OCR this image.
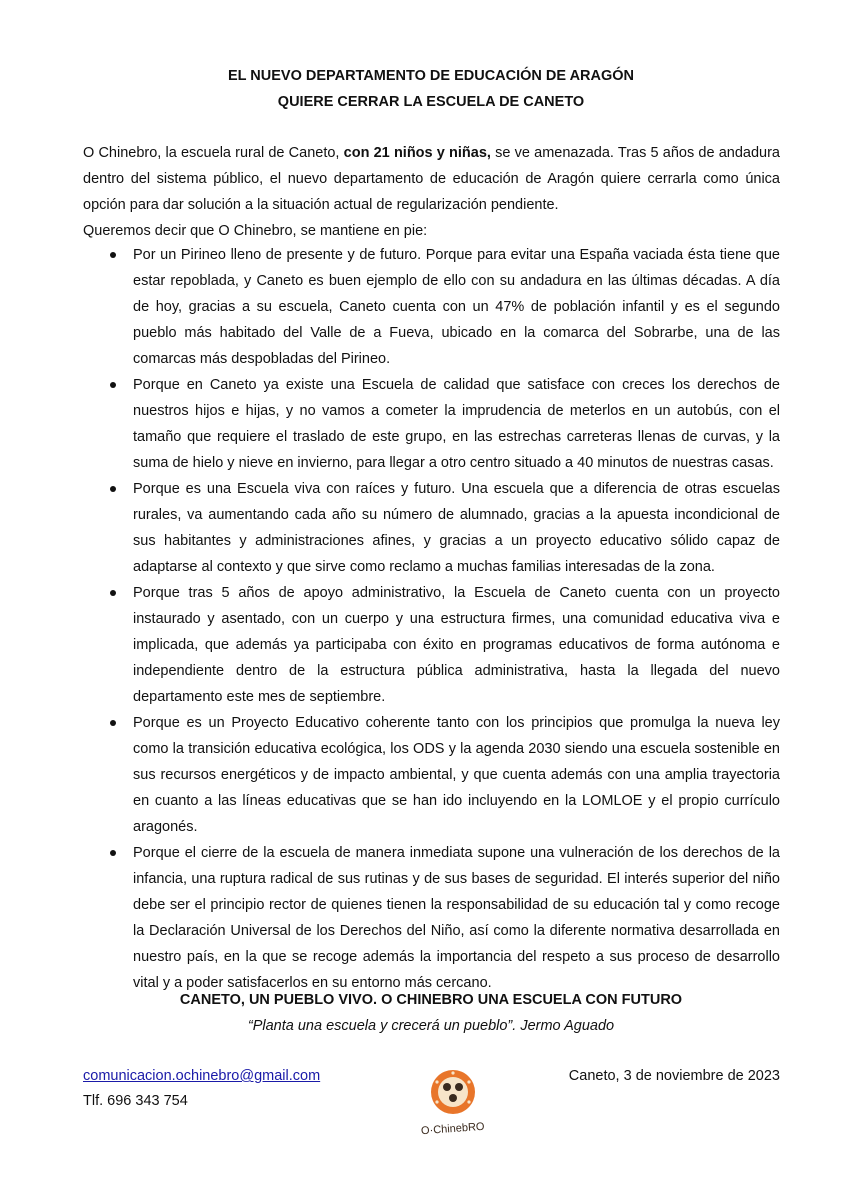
EL NUEVO DEPARTAMENTO DE EDUCACIÓN DE ARAGÓN
QUIERE CERRAR LA ESCUELA DE CANETO

O Chinebro, la escuela rural de Caneto, con 21 niños y niñas, se ve amenazada. Tras 5 años de andadura dentro del sistema público, el nuevo departamento de educación de Aragón quiere cerrarla como única opción para dar solución a la situación actual de regularización pendiente.

Queremos decir que O Chinebro, se mantiene en pie:

Por un Pirineo lleno de presente y de futuro. Porque para evitar una España vaciada ésta tiene que estar repoblada, y Caneto es buen ejemplo de ello con su andadura en las últimas décadas. A día de hoy, gracias a su escuela, Caneto cuenta con un 47% de población infantil y es el segundo pueblo más habitado del Valle de a Fueva, ubicado en la comarca del Sobrarbe, una de las comarcas más despobladas del Pirineo.
Porque en Caneto ya existe una Escuela de calidad que satisface con creces los derechos de nuestros hijos e hijas, y no vamos a cometer la imprudencia de meterlos en un autobús, con el tamaño que requiere el traslado de este grupo, en las estrechas carreteras llenas de curvas, y la suma de hielo y nieve en invierno, para llegar a otro centro situado a 40 minutos de nuestras casas.
Porque es una Escuela viva con raíces y futuro. Una escuela que a diferencia de otras escuelas rurales, va aumentando cada año su número de alumnado, gracias a la apuesta incondicional de sus habitantes y administraciones afines, y gracias a un proyecto educativo sólido capaz de adaptarse al contexto y que sirve como reclamo a muchas familias interesadas de la zona.
Porque tras 5 años de apoyo administrativo, la Escuela de Caneto cuenta con un proyecto instaurado y asentado, con un cuerpo y una estructura firmes, una comunidad educativa viva e implicada, que además ya participaba con éxito en programas educativos de forma autónoma e independiente dentro de la estructura pública administrativa, hasta la llegada del nuevo departamento este mes de septiembre.
Porque es un Proyecto Educativo coherente tanto con los principios que promulga la nueva ley como la transición educativa ecológica, los ODS y la agenda 2030 siendo una escuela sostenible en sus recursos energéticos y de impacto ambiental, y que cuenta además con una amplia trayectoria en cuanto a las líneas educativas que se han ido incluyendo en la LOMLOE y el propio currículo aragonés.
Porque el cierre de la escuela de manera inmediata supone una vulneración de los derechos de la infancia, una ruptura radical de sus rutinas y de sus bases de seguridad. El interés superior del niño debe ser el principio rector de quienes tienen la responsabilidad de su educación tal y como recoge la Declaración Universal de los Derechos del Niño, así como la diferente normativa desarrollada en nuestro país, en la que se recoge además la importancia del respeto a sus proceso de desarrollo vital y a poder satisfacerlos en su entorno más cercano.
CANETO, UN PUEBLO VIVO. O CHINEBRO UNA ESCUELA CON FUTURO
“Planta una escuela y crecerá un pueblo”. Jermo Aguado
comunicacion.ochinebro@gmail.com
Tlf. 696 343 754
Caneto, 3 de noviembre de 2023
O·ChinebRO
